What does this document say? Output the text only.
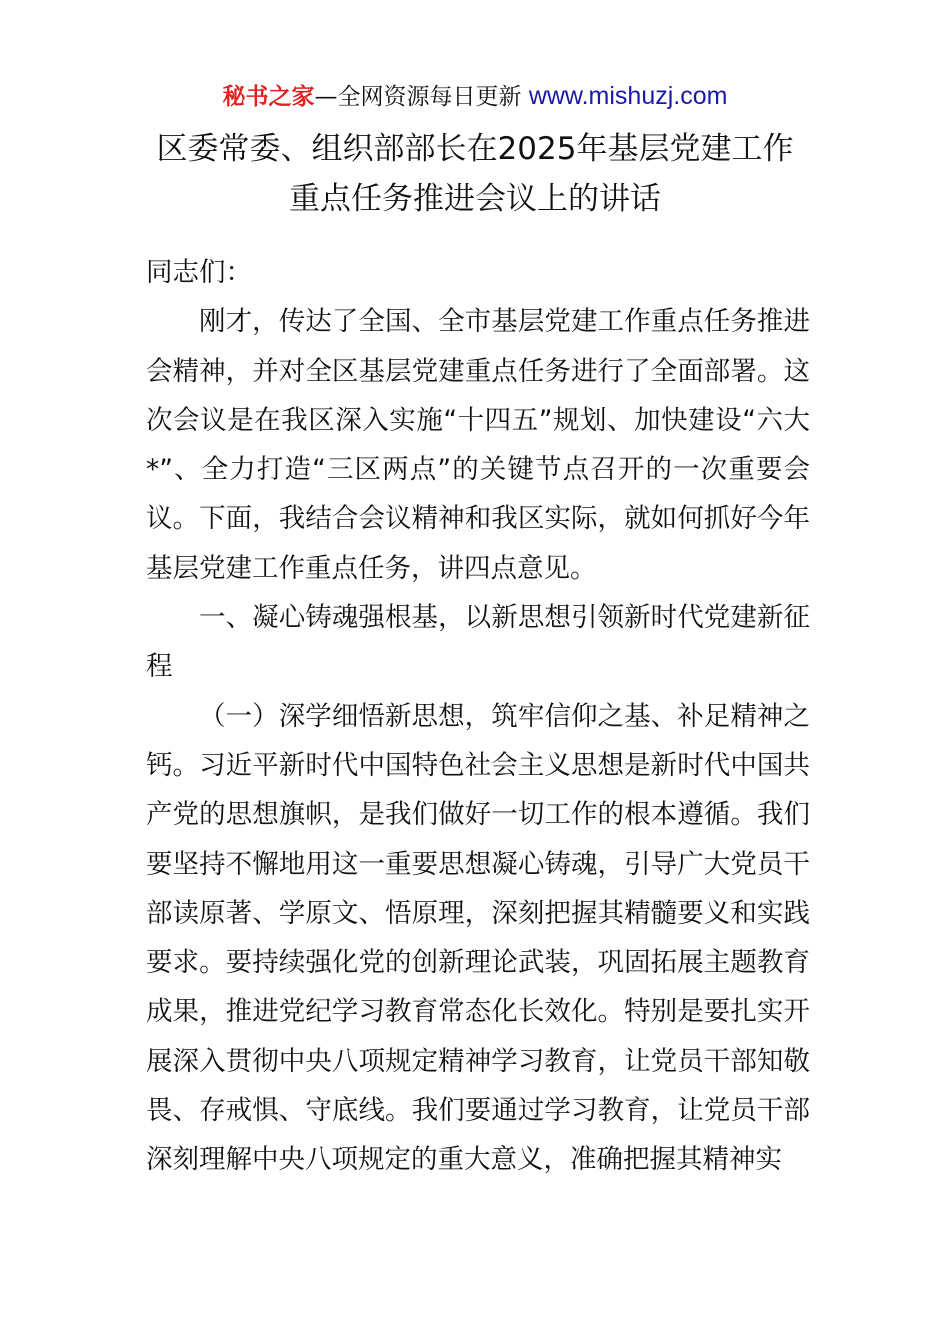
秘书之家—全网资源每日更新 www.mishuzj.com
区委常委、组织部部长在2025年基层党建工作
重点任务推进会议上的讲话

同志们：

刚才，传达了全国、全市基层党建工作重点任务推进会精神，并对全区基层党建重点任务进行了全面部署。这次会议是在我区深入实施“十四五”规划、加快建设“六大*”、全力打造“三区两点”的关键节点召开的一次重要会议。下面，我结合会议精神和我区实际，就如何抓好今年基层党建工作重点任务，讲四点意见。

一、凝心铸魂强根基，以新思想引领新时代党建新征程

（一）深学细悟新思想，筑牢信仰之基、补足精神之钙。习近平新时代中国特色社会主义思想是新时代中国共产党的思想旗帜，是我们做好一切工作的根本遵循。我们要坚持不懈地用这一重要思想凝心铸魂，引导广大党员干部读原著、学原文、悟原理，深刻把握其精髓要义和实践要求。要持续强化党的创新理论武装，巩固拓展主题教育成果，推进党纪学习教育常态化长效化。特别是要扎实开展深入贯彻中央八项规定精神学习教育，让党员干部知敬畏、存戒惧、守底线。我们要通过学习教育，让党员干部深刻理解中央八项规定的重大意义，准确把握其精神实
